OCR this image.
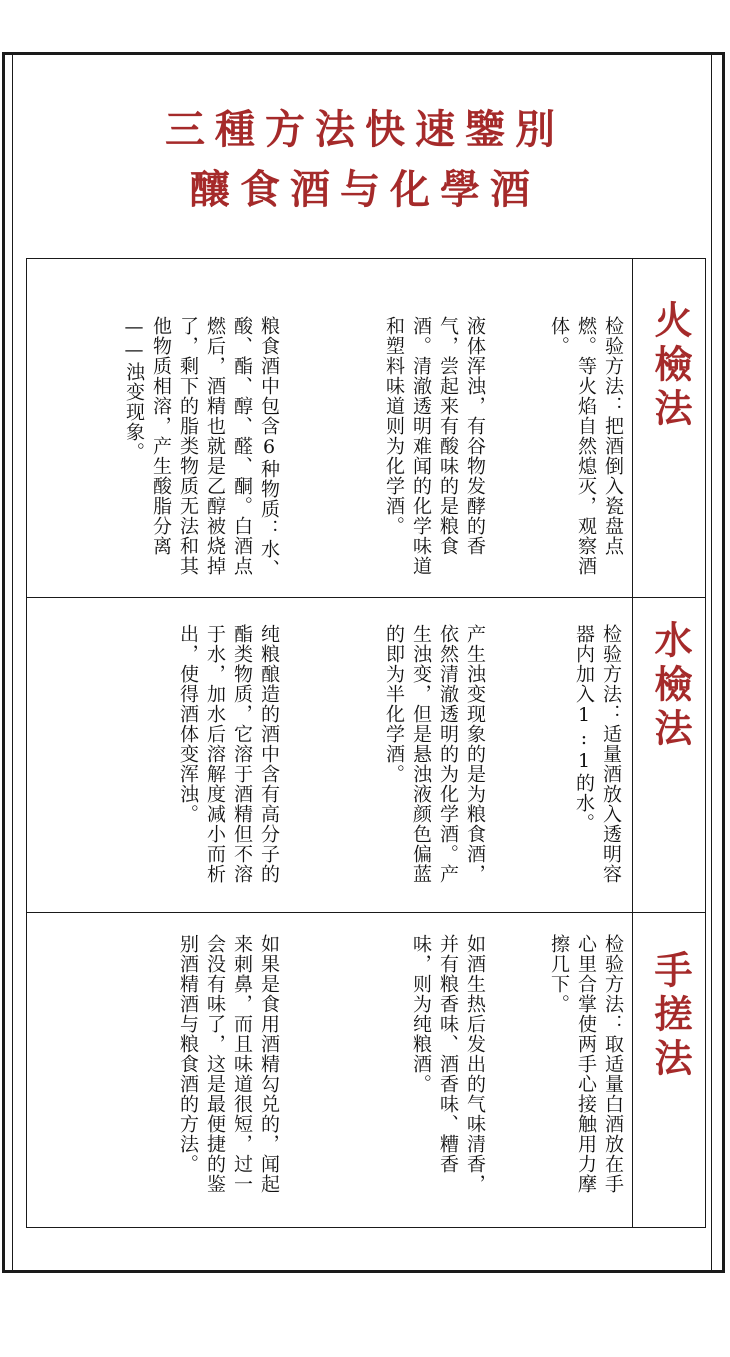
三種方法快速鑒別
釀食酒与化學酒
火檢法
检验方法：把酒倒入瓷盘点燃。等火焰自然熄灭，观察酒体。
液体浑浊，有谷物发酵的香气，尝起来有酸味的是粮食酒。清澈透明难闻的化学味道和塑料味道则为化学酒。
粮食酒中包含6种物质：水、酸、酯、醇、醛、酮。白酒点燃后，酒精也就是乙醇被烧掉了，剩下的脂类物质无法和其他物质相溶，产生酸脂分离——浊变现象。
水檢法
检验方法：适量酒放入透明容器内加入1:1的水。
产生浊变现象的是为粮食酒，依然清澈透明的为化学酒。产生浊变，但是悬浊液颜色偏蓝的即为半化学酒。
纯粮酿造的酒中含有高分子的酯类物质，它溶于酒精但不溶于水，加水后溶解度减小而析出，使得酒体变浑浊。
手搓法
检验方法：取适量白酒放在手心里合掌使两手心接触用力摩擦几下。
如酒生热后发出的气味清香，并有粮香味、酒香味、糟香味，则为纯粮酒。
如果是食用酒精勾兑的，闻起来刺鼻，而且味道很短，过一会没有味了，这是最便捷的鉴别酒精酒与粮食酒的方法。
